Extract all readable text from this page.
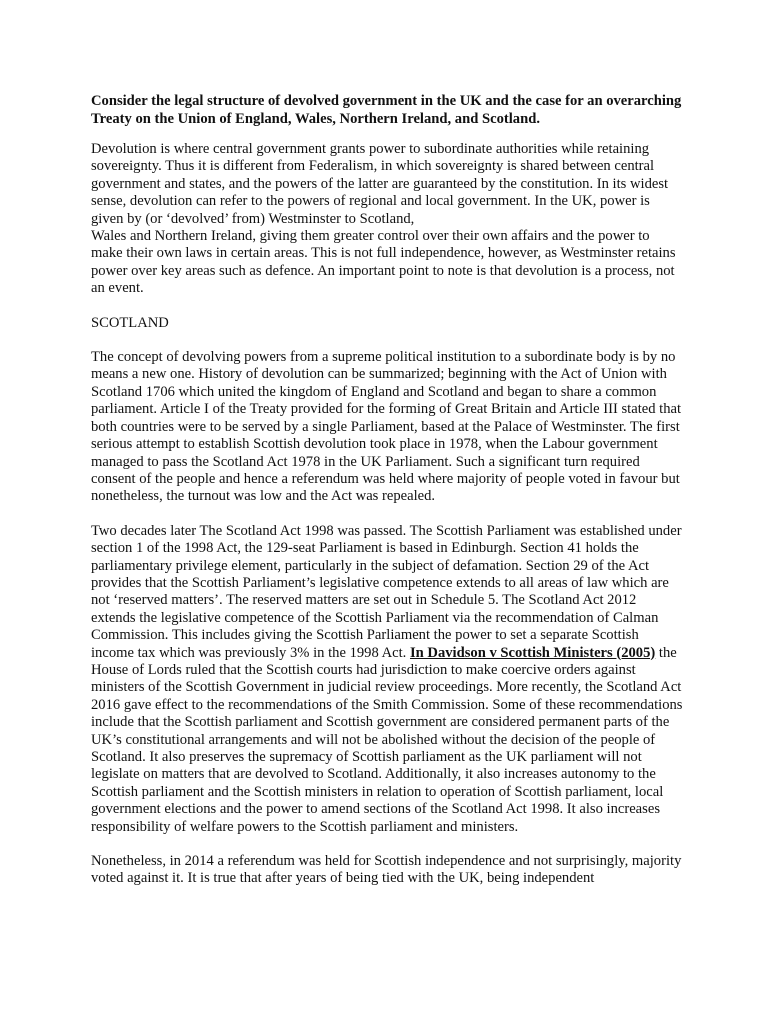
Consider the legal structure of devolved government in the UK and the case for an overarching Treaty on the Union of England, Wales, Northern Ireland, and Scotland.

Devolution is where central government grants power to subordinate authorities while retaining sovereignty. Thus it is different from Federalism, in which sovereignty is shared between central government and states, and the powers of the latter are guaranteed by the constitution. In its widest sense, devolution can refer to the powers of regional and local government. In the UK, power is given by (or ‘devolved’ from) Westminster to Scotland,
Wales and Northern Ireland, giving them greater control over their own affairs and the power to make their own laws in certain areas. This is not full independence, however, as Westminster retains power over key areas such as defence. An important point to note is that devolution is a process, not an event.

SCOTLAND

The concept of devolving powers from a supreme political institution to a subordinate body is by no means a new one. History of devolution can be summarized; beginning with the Act of Union with Scotland 1706 which united the kingdom of England and Scotland and began to share a common parliament. Article I of the Treaty provided for the forming of Great Britain and Article III stated that both countries were to be served by a single Parliament, based at the Palace of Westminster. The first serious attempt to establish Scottish devolution took place in 1978, when the Labour government managed to pass the Scotland Act 1978 in the UK Parliament. Such a significant turn required consent of the people and hence a referendum was held where majority of people voted in favour but nonetheless, the turnout was low and the Act was repealed.

Two decades later The Scotland Act 1998 was passed. The Scottish Parliament was established under section 1 of the 1998 Act, the 129-seat Parliament is based in Edinburgh. Section 41 holds the parliamentary privilege element, particularly in the subject of defamation. Section 29 of the Act provides that the Scottish Parliament’s legislative competence extends to all areas of law which are not ‘reserved matters’. The reserved matters are set out in Schedule 5. The Scotland Act 2012 extends the legislative competence of the Scottish Parliament via the recommendation of Calman Commission. This includes giving the Scottish Parliament the power to set a separate Scottish income tax which was previously 3% in the 1998 Act. In Davidson v Scottish Ministers (2005) the House of Lords ruled that the Scottish courts had jurisdiction to make coercive orders against ministers of the Scottish Government in judicial review proceedings. More recently, the Scotland Act 2016 gave effect to the recommendations of the Smith Commission. Some of these recommendations include that the Scottish parliament and Scottish government are considered permanent parts of the UK’s constitutional arrangements and will not be abolished without the decision of the people of Scotland. It also preserves the supremacy of Scottish parliament as the UK parliament will not legislate on matters that are devolved to Scotland. Additionally, it also increases autonomy to the Scottish parliament and the Scottish ministers in relation to operation of Scottish parliament, local government elections and the power to amend sections of the Scotland Act 1998. It also increases responsibility of welfare powers to the Scottish parliament and ministers.

Nonetheless, in 2014 a referendum was held for Scottish independence and not surprisingly, majority voted against it. It is true that after years of being tied with the UK, being independent
